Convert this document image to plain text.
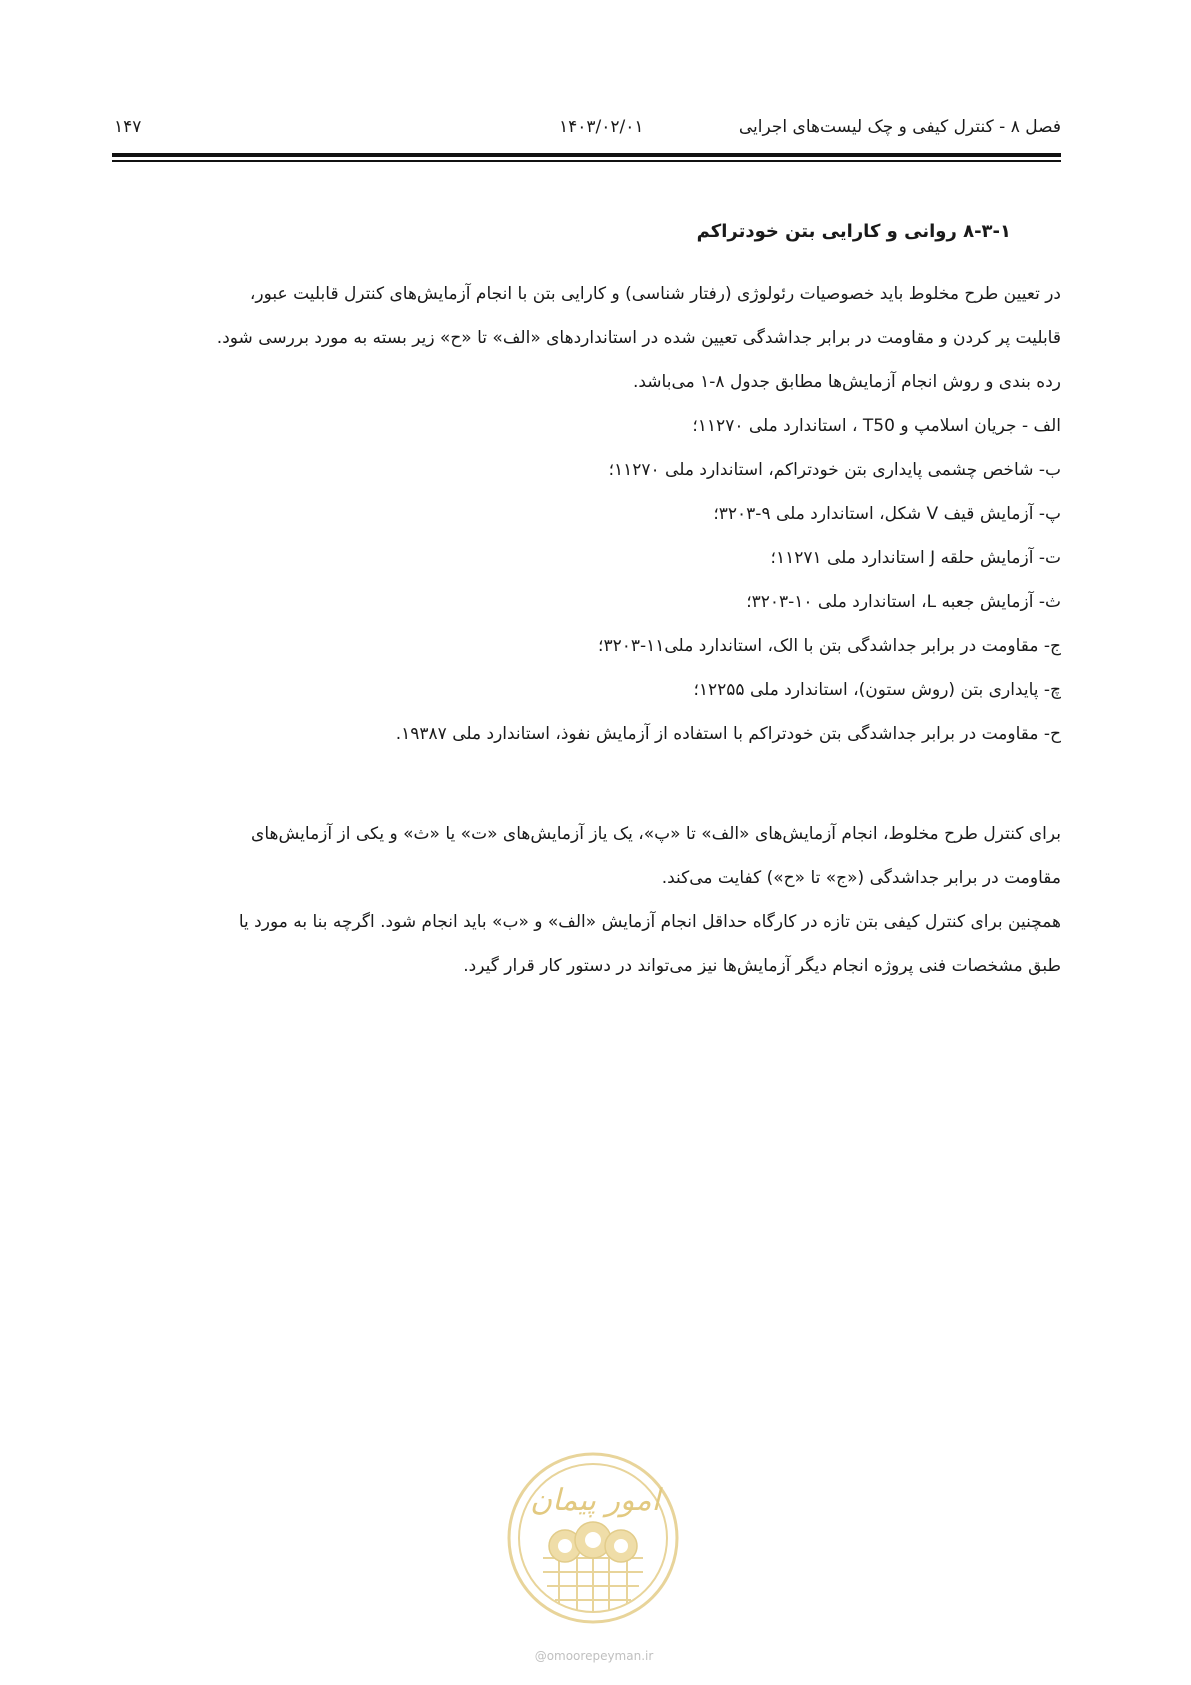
فصل ۸ - کنترل کیفی و چک لیست‌های اجرایی
۱۴۰۳/۰۲/۰۱
۱۴۷
۸-۳-۱ روانی و کارایی بتن خودتراکم

در تعیین طرح مخلوط باید خصوصیات رئولوژی (رفتار شناسی) و کارایی بتن با انجام آزمایش‌های کنترل قابلیت عبور،

قابلیت پر کردن و مقاومت در برابر جداشدگی تعیین شده در استانداردهای «الف» تا «ح» زیر بسته به مورد بررسی شود.

رده بندی و روش انجام آزمایش‌ها مطابق جدول ۸-۱ می‌باشد.

الف - جریان اسلامپ و T50 ، استاندارد ملی ۱۱۲۷۰؛

ب- شاخص چشمی پایداری بتن خودتراکم، استاندارد ملی ۱۱۲۷۰؛

پ- آزمایش قیف V شکل، استاندارد ملی ۹-۳۲۰۳؛

ت- آزمایش حلقه J استاندارد ملی ۱۱۲۷۱؛

ث- آزمایش جعبه L، استاندارد ملی ۱۰-۳۲۰۳؛

ج- مقاومت در برابر جداشدگی بتن با الک، استاندارد ملی۱۱-۳۲۰۳؛

چ- پایداری بتن (روش ستون)، استاندارد ملی ۱۲۲۵۵؛

ح- مقاومت در برابر جداشدگی بتن خودتراکم با استفاده از آزمایش نفوذ، استاندارد ملی ۱۹۳۸۷.

برای کنترل طرح مخلوط، انجام آزمایش‌های «الف» تا «پ»، یک یاز آزمایش‌های «ت» یا «ث» و یکی از آزمایش‌های

مقاومت در برابر جداشدگی («ج» تا «ح») کفایت می‌کند.

همچنین برای کنترل کیفی بتن تازه در کارگاه حداقل انجام آزمایش «الف» و «ب» باید انجام شود. اگرچه بنا به مورد یا

طبق مشخصات فنی پروژه انجام دیگر آزمایش‌ها نیز می‌تواند در دستور کار قرار گیرد.

امور پیمان
@omoorepeyman.ir
